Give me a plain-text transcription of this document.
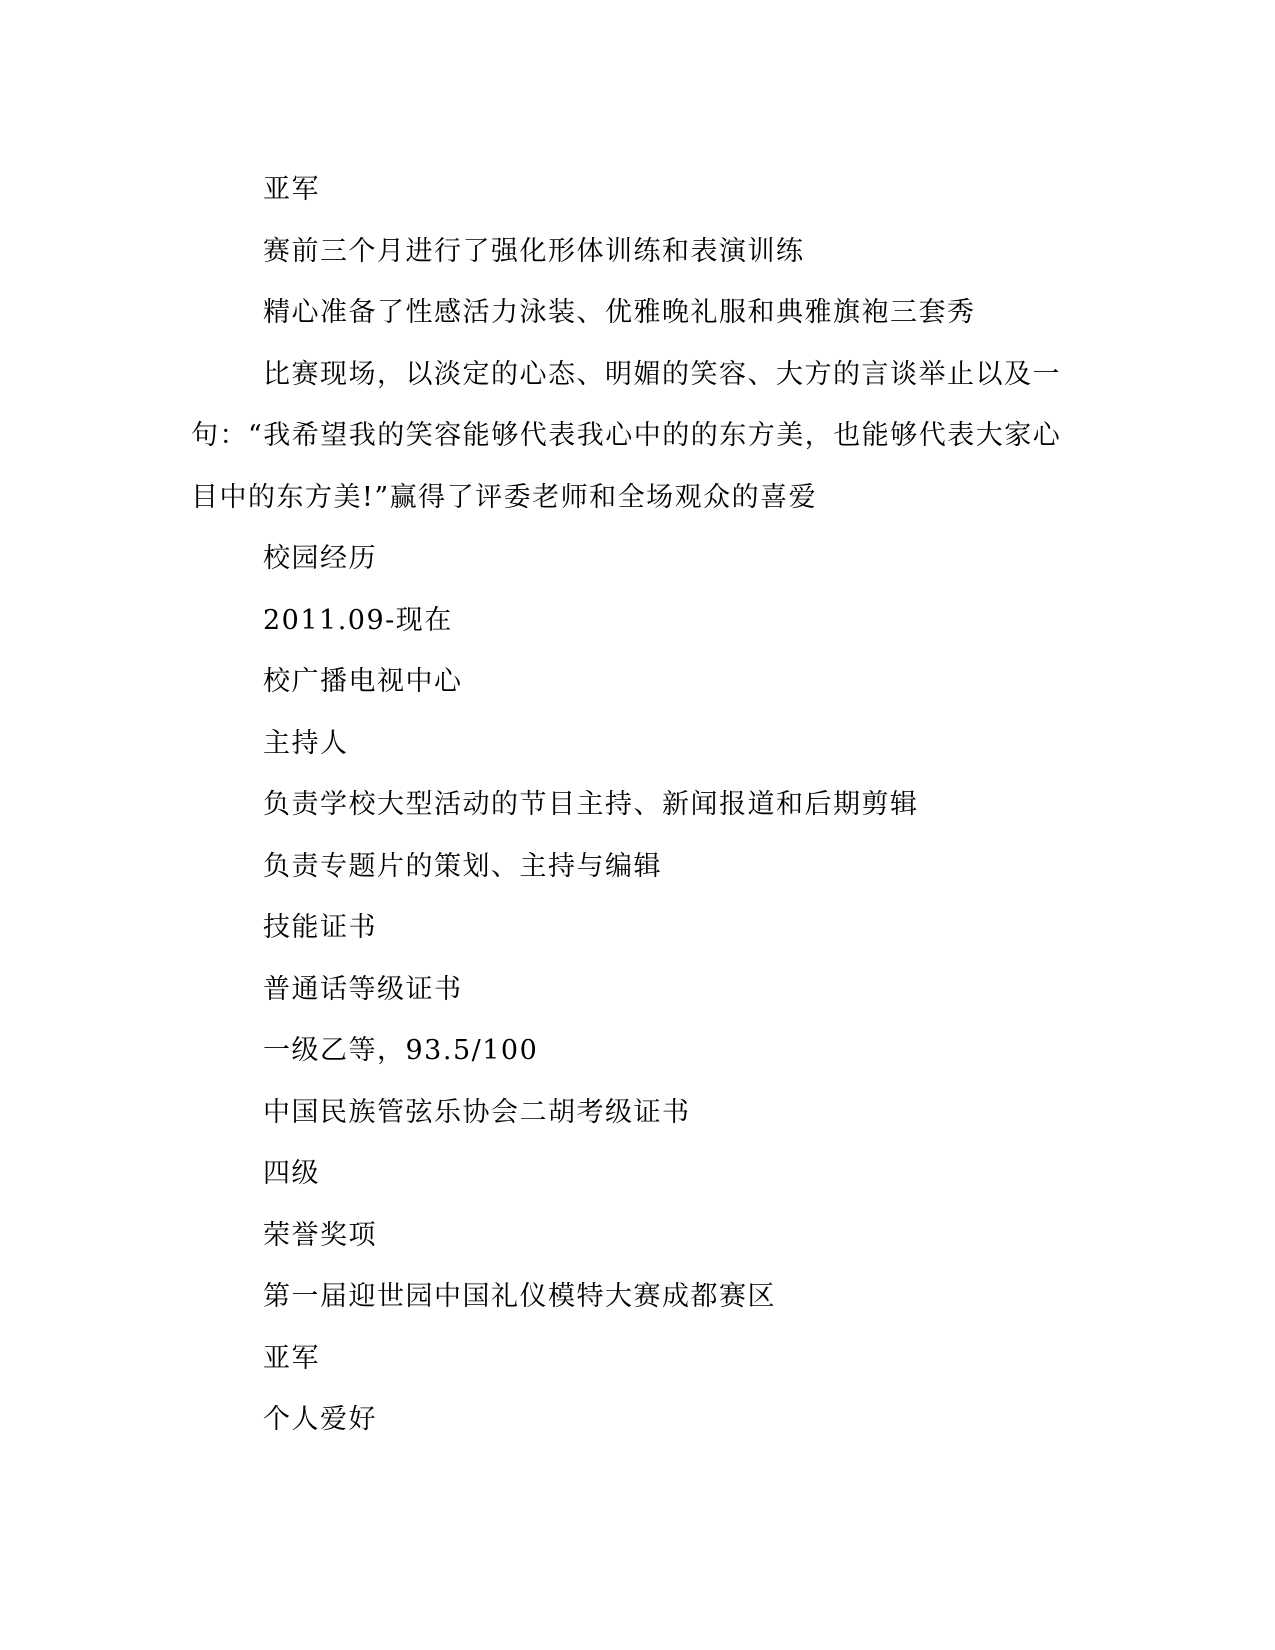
亚军

赛前三个月进行了强化形体训练和表演训练

精心准备了性感活力泳装、优雅晚礼服和典雅旗袍三套秀

比赛现场，以淡定的心态、明媚的笑容、大方的言谈举止以及一句：“我希望我的笑容能够代表我心中的的东方美，也能够代表大家心目中的东方美!”赢得了评委老师和全场观众的喜爱

校园经历

2011.09-现在

校广播电视中心

主持人

负责学校大型活动的节目主持、新闻报道和后期剪辑

负责专题片的策划、主持与编辑

技能证书

普通话等级证书

一级乙等，93.5/100

中国民族管弦乐协会二胡考级证书

四级

荣誉奖项

第一届迎世园中国礼仪模特大赛成都赛区

亚军

个人爱好
